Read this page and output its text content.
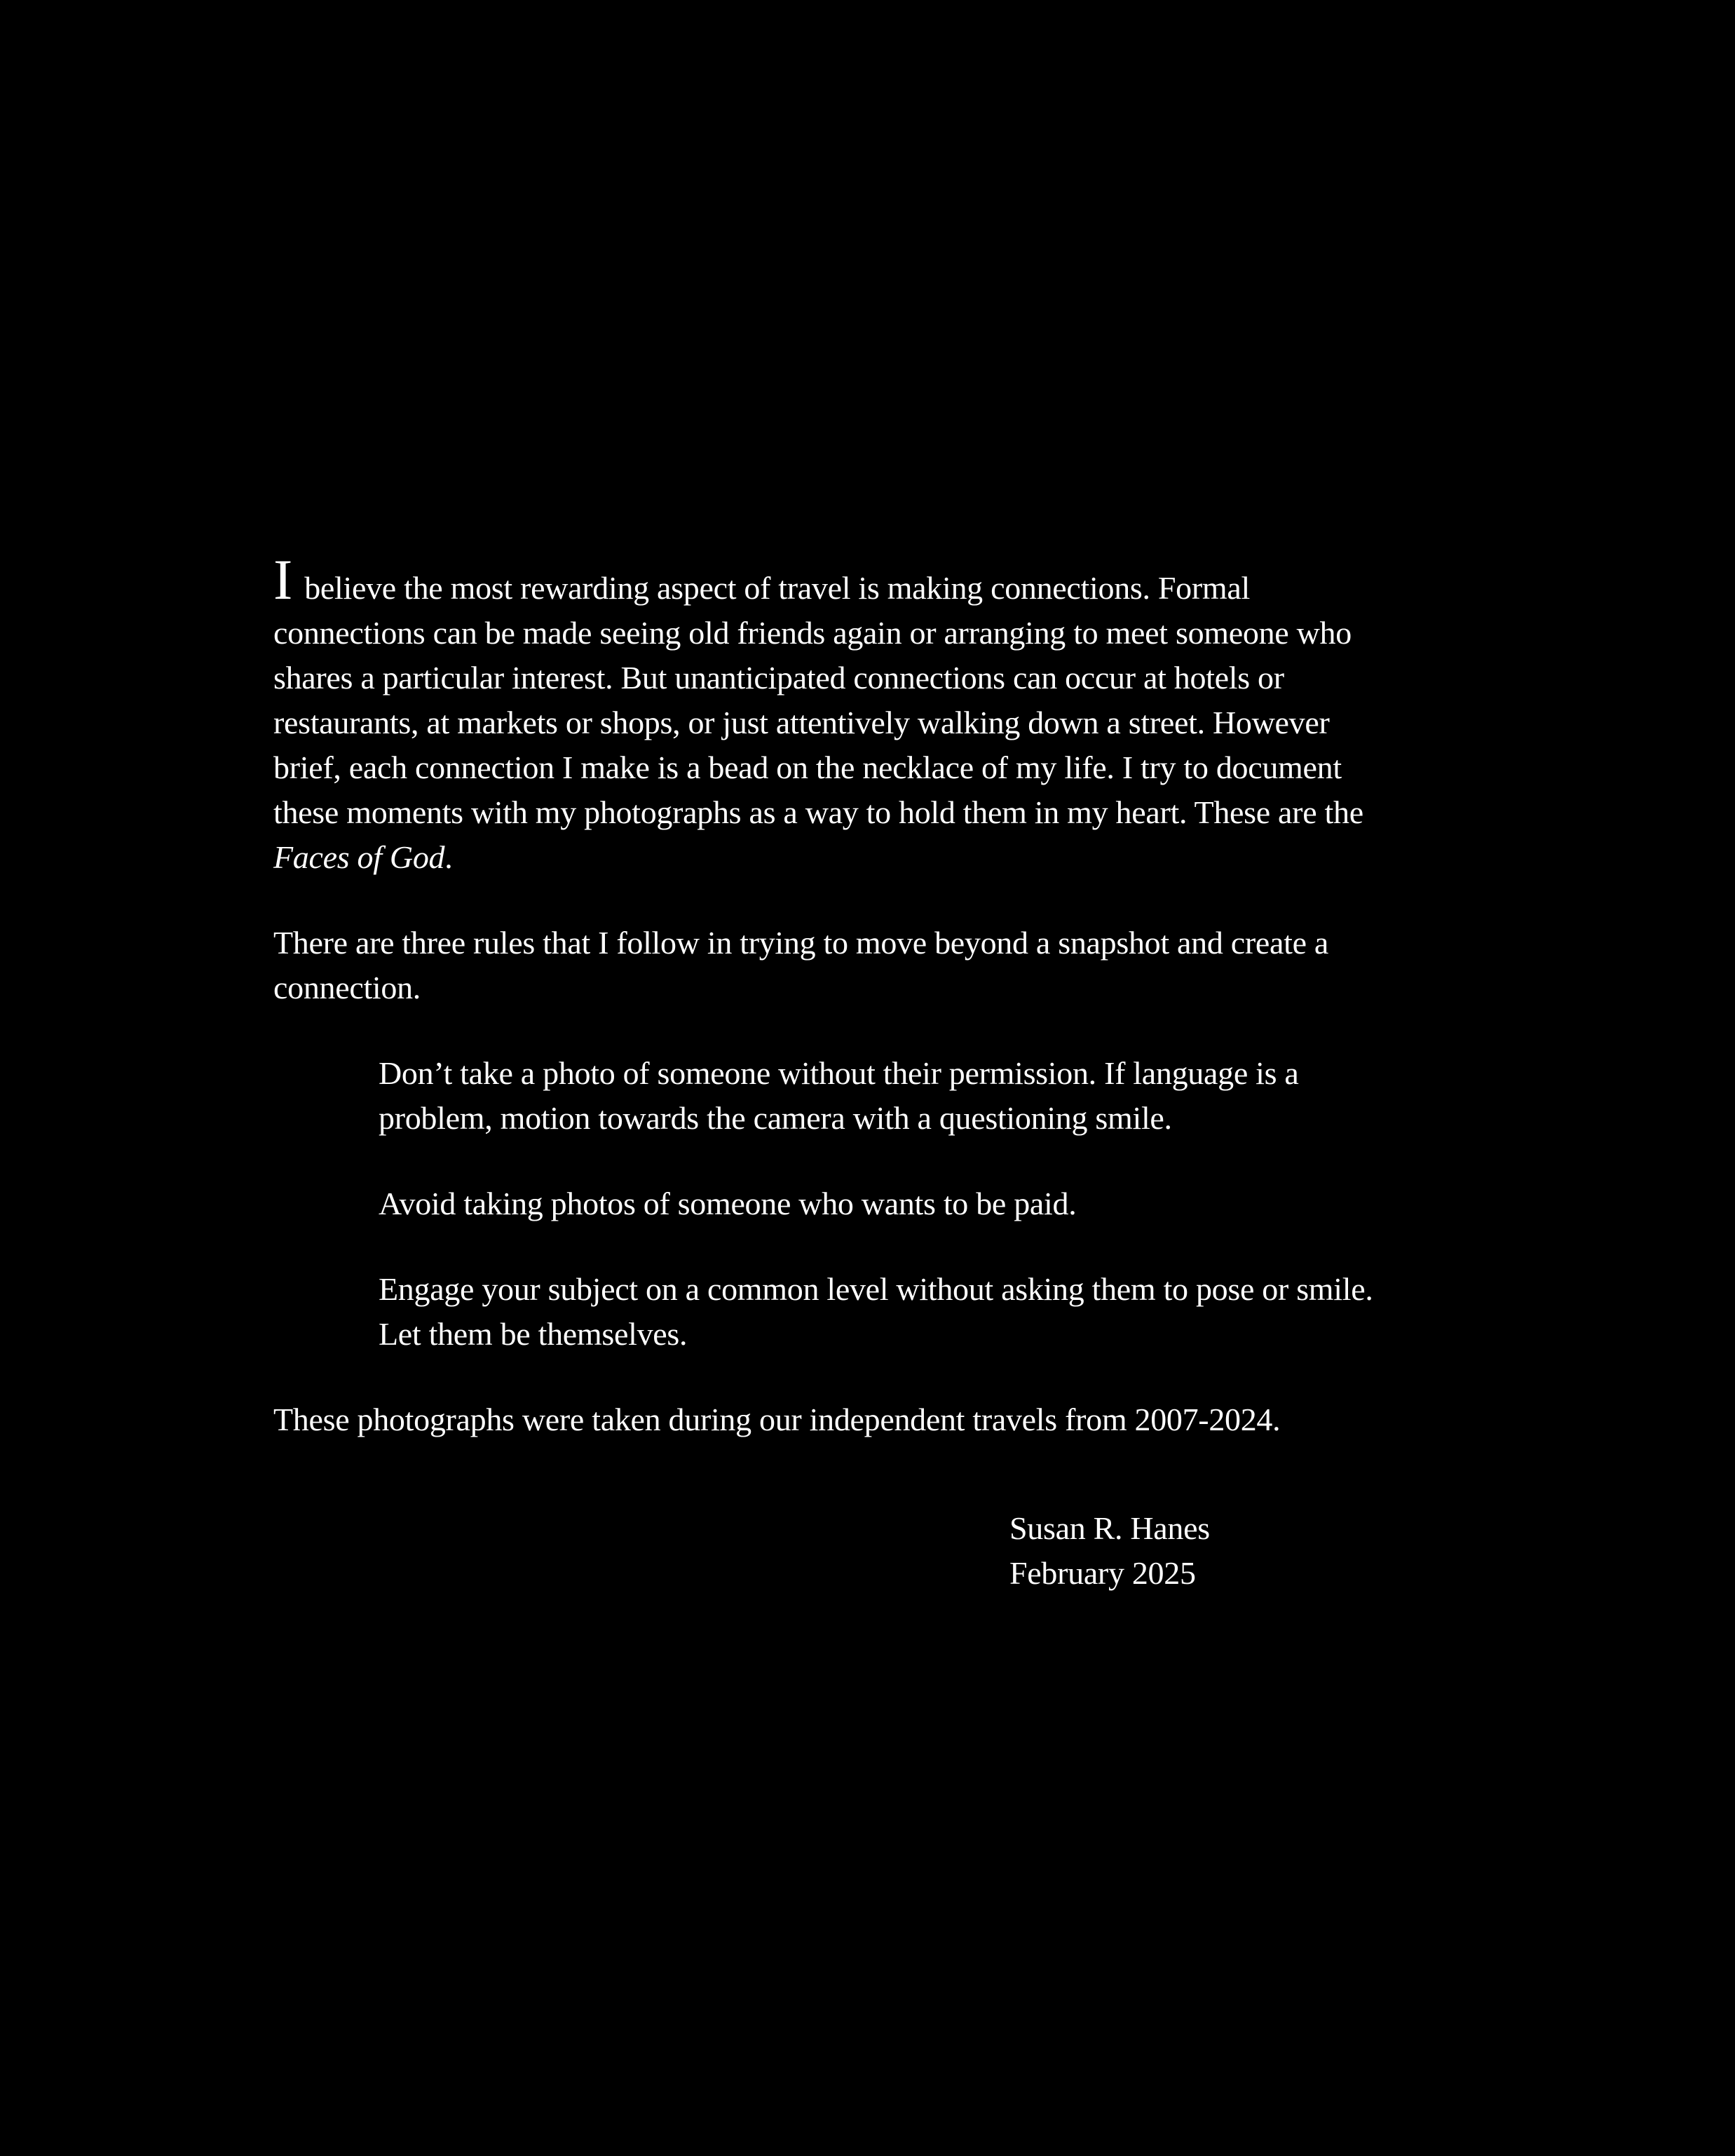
I believe the most rewarding aspect of travel is making connections. Formal
connections can be made seeing old friends again or arranging to meet someone who
shares a particular interest. But unanticipated connections can occur at hotels or
restaurants, at markets or shops, or just attentively walking down a street. However
brief, each connection I make is a bead on the necklace of my life. I try to document
these moments with my photographs as a way to hold them in my heart. These are the
Faces of God.

There are three rules that I follow in trying to move beyond a snapshot and create a
connection.

Don’t take a photo of someone without their permission. If language is a
problem, motion towards the camera with a questioning smile.

Avoid taking photos of someone who wants to be paid.

Engage your subject on a common level without asking them to pose or smile.
Let them be themselves.

These photographs were taken during our independent travels from 2007-2024.

Susan R. Hanes
February 2025
